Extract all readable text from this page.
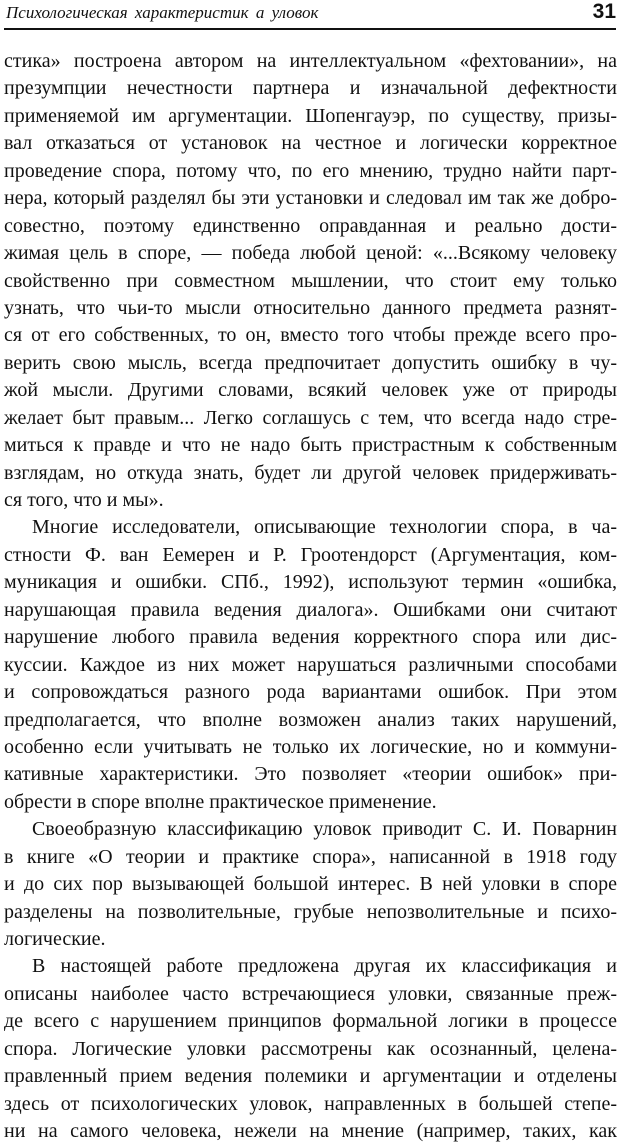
Психологическая характеристик а уловок	31
стика» построена автором на интеллектуальном «фехтовании», на
презумпции нечестности партнера и изначальной дефектности
применяемой им аргументации. Шопенгауэр, по существу, призы-
вал отказаться от установок на честное и логически корректное
проведение спора, потому что, по его мнению, трудно найти парт-
нера, который разделял бы эти установки и следовал им так же добро-
совестно, поэтому единственно оправданная и реально дости-
жимая цель в споре, — победа любой ценой: «...Всякому человеку
свойственно при совместном мышлении, что стоит ему только
узнать, что чьи-то мысли относительно данного предмета разнят-
ся от его собственных, то он, вместо того чтобы прежде всего про-
верить свою мысль, всегда предпочитает допустить ошибку в чу-
жой мысли. Другими словами, всякий человек уже от природы
желает быт правым... Легко соглашусь с тем, что всегда надо стре-
миться к правде и что не надо быть пристрастным к собственным
взглядам, но откуда знать, будет ли другой человек придерживать-
ся того, что и мы».
Многие исследователи, описывающие технологии спора, в ча-
стности Ф. ван Еемерен и Р. Гроотендорст (Аргументация, ком-
муникация и ошибки. СПб., 1992), используют термин «ошибка,
нарушающая правила ведения диалога». Ошибками они считают
нарушение любого правила ведения корректного спора или дис-
куссии. Каждое из них может нарушаться различными способами
и сопровождаться разного рода вариантами ошибок. При этом
предполагается, что вполне возможен анализ таких нарушений,
особенно если учитывать не только их логические, но и коммуни-
кативные характеристики. Это позволяет «теории ошибок» при-
обрести в споре вполне практическое применение.
Своеобразную классификацию уловок приводит С. И. Поварнин
в книге «О теории и практике спора», написанной в 1918 году
и до сих пор вызывающей большой интерес. В ней уловки в споре
разделены на позволительные, грубые непозволительные и психо-
логические.
В настоящей работе предложена другая их классификация и
описаны наиболее часто встречающиеся уловки, связанные преж-
де всего с нарушением принципов формальной логики в процессе
спора. Логические уловки рассмотрены как осознанный, целена-
правленный прием ведения полемики и аргументации и отделены
здесь от психологических уловок, направленных в большей степе-
ни на самого человека, нежели на мнение (например, таких, как
